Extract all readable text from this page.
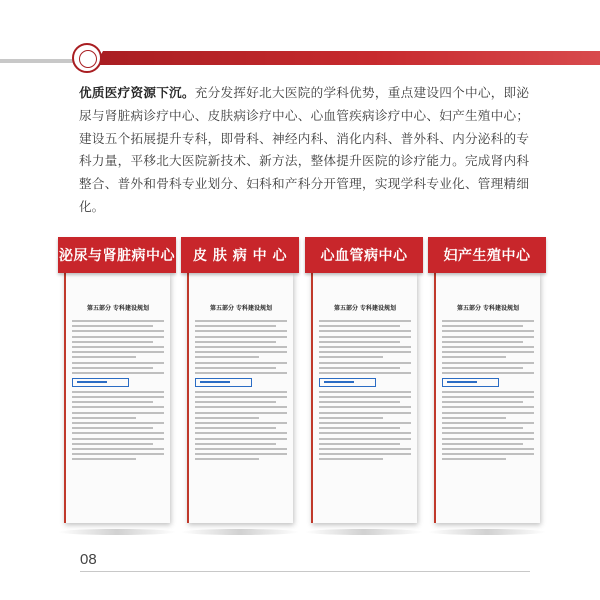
优质医疗资源下沉。充分发挥好北大医院的学科优势，重点建设四个中心，即泌尿与肾脏病诊疗中心、皮肤病诊疗中心、心血管疾病诊疗中心、妇产生殖中心；建设五个拓展提升专科，即骨科、神经内科、消化内科、普外科、内分泌科的专科力量，平移北大医院新技术、新方法，整体提升医院的诊疗能力。完成肾内科整合、普外和骨科专业划分、妇科和产科分开管理，实现学科专业化、管理精细化。

泌尿与肾脏病中心
第五部分 专科建设规划
皮 肤 病 中 心
第五部分 专科建设规划
心血管病中心
第五部分 专科建设规划
妇产生殖中心
第五部分 专科建设规划
08
